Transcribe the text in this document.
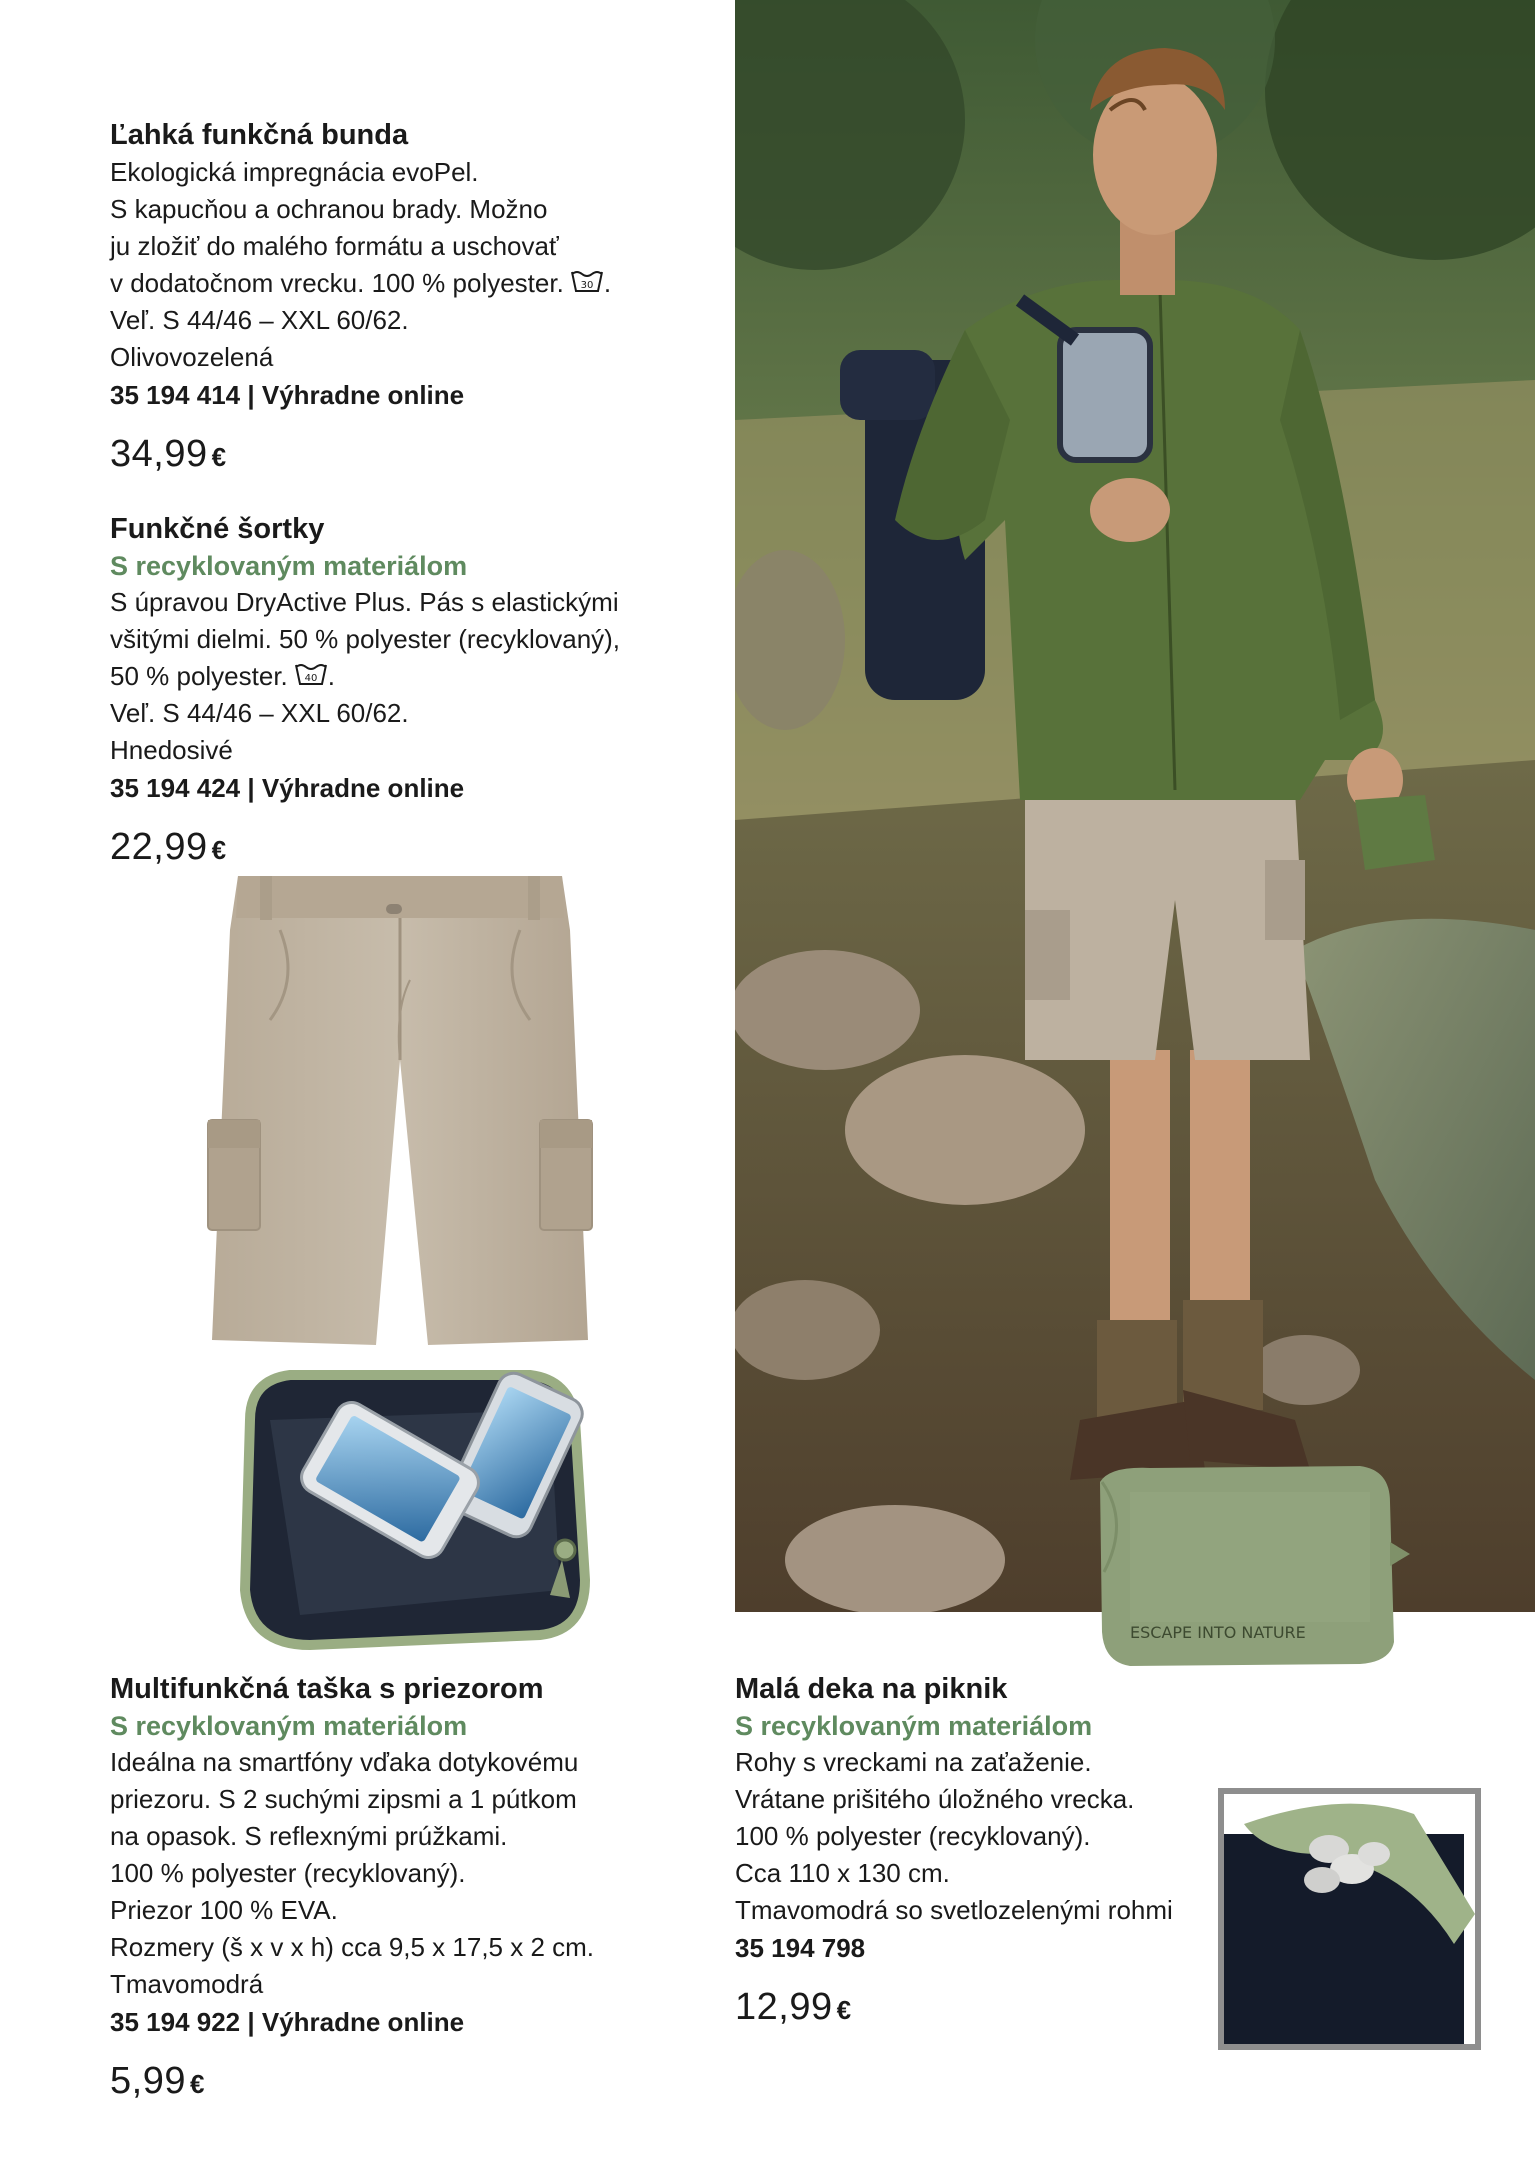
Ľahká funkčná bunda
Ekologická impregnácia evoPel.
S kapucňou a ochranou brady. Možno
ju zložiť do malého formátu a uschovať
v dodatočnom vrecku. 100 % polyester. 30 .
Veľ. S 44/46 – XXL 60/62.
Olivovozelená
35 194 414 | Výhradne online
34,99 €
Funkčné šortky
S recyklovaným materiálom
S úpravou DryActive Plus. Pás s elastickými
všitými dielmi. 50 % polyester (recyklovaný),
50 % polyester. 40 .
Veľ. S 44/46 – XXL 60/62.
Hnedosivé
35 194 424 | Výhradne online
22,99 €
ESCAPE INTO NATURE
Multifunkčná taška s priezorom
S recyklovaným materiálom
Ideálna na smartfóny vďaka dotykovému
priezoru. S 2 suchými zipsmi a 1 pútkom
na opasok. S reflexnými prúžkami.
100 % polyester (recyklovaný).
Priezor 100 % EVA.
Rozmery (š x v x h) cca 9,5 x 17,5 x 2 cm.
Tmavomodrá
35 194 922 | Výhradne online
5,99 €
Malá deka na piknik
S recyklovaným materiálom
Rohy s vreckami na zaťaženie.
Vrátane prišitého úložného vrecka.
100 % polyester (recyklovaný).
Cca 110 x 130 cm.
Tmavomodrá so svetlozelenými rohmi
35 194 798
12,99 €
